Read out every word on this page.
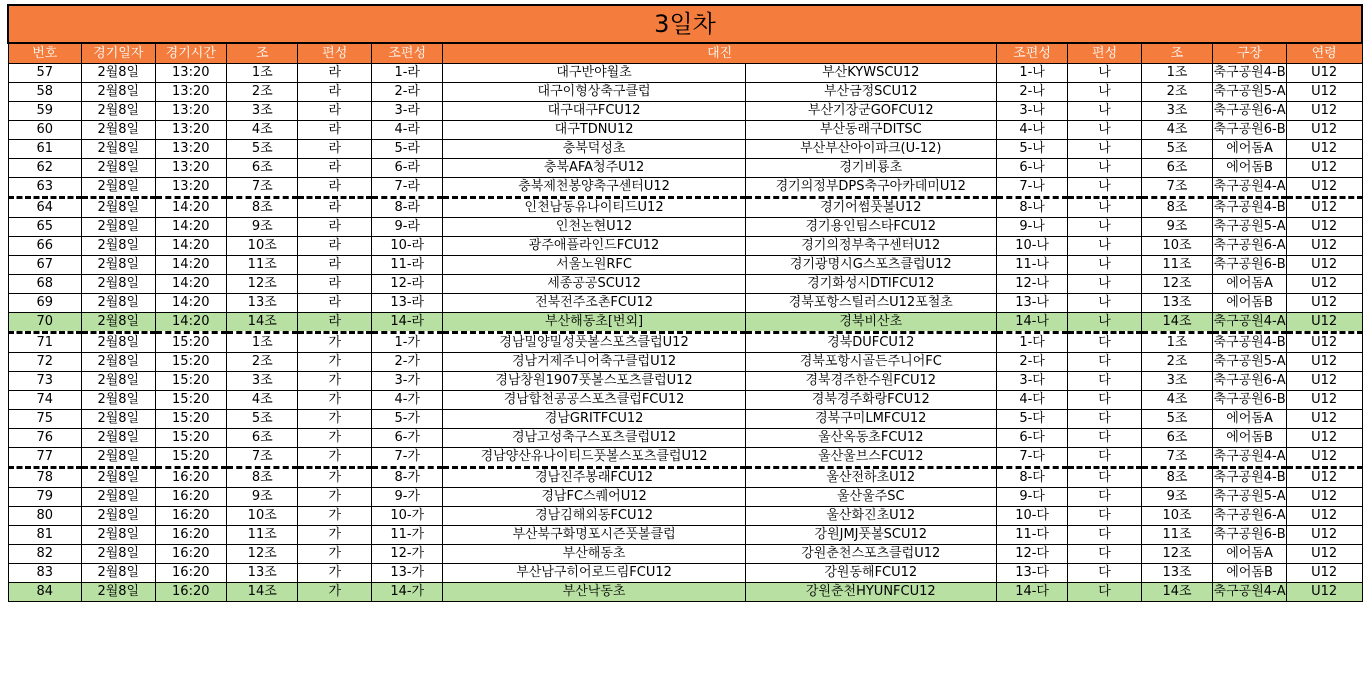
3일차												
번호	경기일자	경기시간	조	편성	조편성	대진		조편성	편성	조	구장	연령
57	2월8일	13:20	1조	라	1-라	대구반야월초	부산KYWSCU12	1-나	나	1조	축구공원4-B	U12
58	2월8일	13:20	2조	라	2-라	대구이형상축구클럽	부산금정SCU12	2-나	나	2조	축구공원5-A	U12
59	2월8일	13:20	3조	라	3-라	대구대구FCU12	부산기장군GOFCU12	3-나	나	3조	축구공원6-A	U12
60	2월8일	13:20	4조	라	4-라	대구TDNU12	부산동래구DITSC	4-나	나	4조	축구공원6-B	U12
61	2월8일	13:20	5조	라	5-라	충북덕성초	부산부산아이파크(U-12)	5-나	나	5조	에어돔A	U12
62	2월8일	13:20	6조	라	6-라	충북AFA청주U12	경기비룡초	6-나	나	6조	에어돔B	U12
63	2월8일	13:20	7조	라	7-라	충북제천봉양축구센터U12	경기의정부DPS축구아카데미U12	7-나	나	7조	축구공원4-A	U12
64	2월8일	14:20	8조	라	8-라	인천남동유나이티드U12	경기어썸풋볼U12	8-나	나	8조	축구공원4-B	U12
65	2월8일	14:20	9조	라	9-라	인천논현U12	경기용인팀스타FCU12	9-나	나	9조	축구공원5-A	U12
66	2월8일	14:20	10조	라	10-라	광주애플라인드FCU12	경기의정부축구센터U12	10-나	나	10조	축구공원6-A	U12
67	2월8일	14:20	11조	라	11-라	서울노원RFC	경기광명시G스포츠클럽U12	11-나	나	11조	축구공원6-B	U12
68	2월8일	14:20	12조	라	12-라	세종공공SCU12	경기화성시DTIFCU12	12-나	나	12조	에어돔A	U12
69	2월8일	14:20	13조	라	13-라	전북전주조촌FCU12	경북포항스틸러스U12포철초	13-나	나	13조	에어돔B	U12
70	2월8일	14:20	14조	라	14-라	부산해동초[번외]	경북비산초	14-나	나	14조	축구공원4-A	U12
71	2월8일	15:20	1조	가	1-가	경남밀양밀성풋볼스포츠클럽U12	경북DUFCU12	1-다	다	1조	축구공원4-B	U12
72	2월8일	15:20	2조	가	2-가	경남거제주니어축구클럽U12	경북포항시골든주니어FC	2-다	다	2조	축구공원5-A	U12
73	2월8일	15:20	3조	가	3-가	경남창원1907풋볼스포츠클럽U12	경북경주한수원FCU12	3-다	다	3조	축구공원6-A	U12
74	2월8일	15:20	4조	가	4-가	경남합천공공스포츠클럽FCU12	경북경주화랑FCU12	4-다	다	4조	축구공원6-B	U12
75	2월8일	15:20	5조	가	5-가	경남GRITFCU12	경북구미LMFCU12	5-다	다	5조	에어돔A	U12
76	2월8일	15:20	6조	가	6-가	경남고성축구스포츠클럽U12	울산옥동초FCU12	6-다	다	6조	에어돔B	U12
77	2월8일	15:20	7조	가	7-가	경남양산유나이티드풋볼스포츠클럽U12	울산울브스FCU12	7-다	다	7조	축구공원4-A	U12
78	2월8일	16:20	8조	가	8-가	경남진주봉래FCU12	울산전하초U12	8-다	다	8조	축구공원4-B	U12
79	2월8일	16:20	9조	가	9-가	경남FC스퀘어U12	울산울주SC	9-다	다	9조	축구공원5-A	U12
80	2월8일	16:20	10조	가	10-가	경남김해외동FCU12	울산화진초U12	10-다	다	10조	축구공원6-A	U12
81	2월8일	16:20	11조	가	11-가	부산북구화명포시즌풋볼클럽	강원JMJ풋볼SCU12	11-다	다	11조	축구공원6-B	U12
82	2월8일	16:20	12조	가	12-가	부산해동초	강원춘천스포츠클럽U12	12-다	다	12조	에어돔A	U12
83	2월8일	16:20	13조	가	13-가	부산남구히어로드림FCU12	강원동해FCU12	13-다	다	13조	에어돔B	U12
84	2월8일	16:20	14조	가	14-가	부산낙동초	강원춘천HYUNFCU12	14-다	다	14조	축구공원4-A	U12
